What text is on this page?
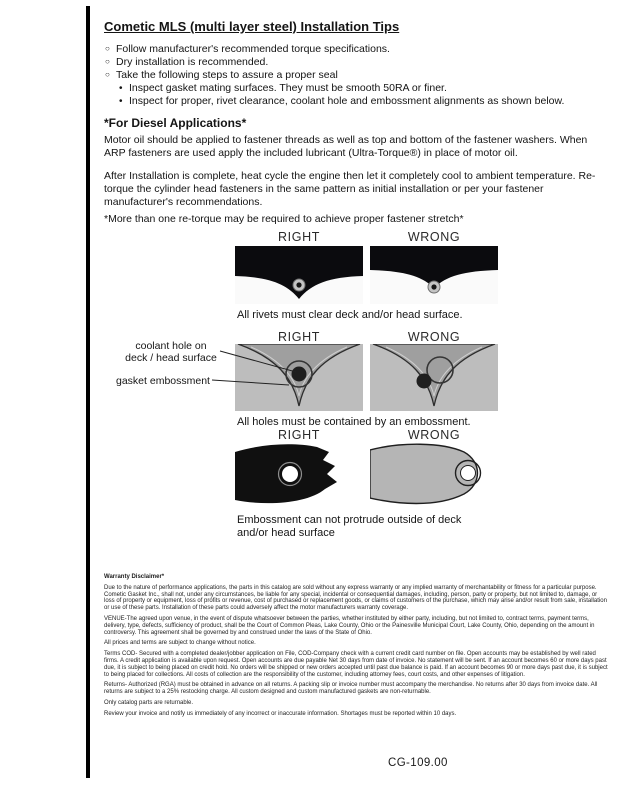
Cometic MLS (multi layer steel) Installation Tips
○ Follow manufacturer's recommended torque specifications.
○ Dry installation is recommended.
○ Take the following steps to assure a proper seal
• Inspect gasket mating surfaces. They must be smooth 50RA or finer.
• Inspect for proper, rivet clearance, coolant hole and embossment alignments as shown below.
*For Diesel Applications*
Motor oil should be applied to fastener threads as well as top and bottom of the fastener washers. When ARP fasteners are used apply the included lubricant (Ultra-Torque®) in place of motor oil.
After Installation is complete, heat cycle the engine then let it completely cool to ambient temperature. Re-torque the cylinder head fasteners in the same pattern as initial installation or per your fastener manufacturer's recommendations.
*More than one re-torque may be required to achieve proper fastener stretch*
RIGHT	WRONG
All rivets must clear deck and/or head surface.
RIGHT	WRONG
coolant hole on
deck / head surface
gasket embossment
All holes must be contained by an embossment.
RIGHT	WRONG
Embossment can not protrude outside of deck and/or head surface

Warranty Disclaimer*

Due to the nature of performance applications, the parts in this catalog are sold without any express warranty or any implied warranty of merchantability or fitness for a particular purpose. Cometic Gasket Inc., shall not, under any circumstances, be liable for any special, incidental or consequential damages, including, person, party or property, but not limited to, damage, or loss of property or equipment, loss of profits or revenue, cost of purchased or replacement goods, or claims of customers of the purchase, which may arise and/or result from sale, installation or use of these parts. Installation of these parts could adversely affect the motor manufacturers warranty coverage.

VENUE-The agreed upon venue, in the event of dispute whatsoever between the parties, whether instituted by either party, including, but not limited to, contract terms, payment terms, delivery, type, defects, sufficiency of product, shall be the Court of Common Pleas, Lake County, Ohio or the Painesville Municipal Court, Lake County, Ohio, depending on the amount in controversy. This agreement shall be governed by and construed under the laws of the State of Ohio.

All prices and terms are subject to change without notice.

Terms COD- Secured with a completed dealer/jobber application on File, COD-Company check with a current credit card number on file. Open accounts may be established by well rated firms. A credit application is available upon request. Open accounts are due payable Net 30 days from date of invoice. No statement will be sent. If an account becomes 60 or more days past due, it is subject to being placed on credit hold. No orders will be shipped or new orders accepted until past due balance is paid. If an account becomes 90 or more days past due, it is subject to being placed for collections. All costs of collection are the responsibility of the customer, including attorney fees, court costs, and other expenses of litigation.

Returns- Authorized (RGA) must be obtained in advance on all returns. A packing slip or invoice number must accompany the merchandise. No returns after 30 days from invoice date. All returns are subject to a 25% restocking charge. All custom designed and custom manufactured gaskets are non-returnable.

Only catalog parts are returnable.

Review your invoice and notify us immediately of any incorrect or inaccurate information. Shortages must be reported within 10 days.

CG-109.00
